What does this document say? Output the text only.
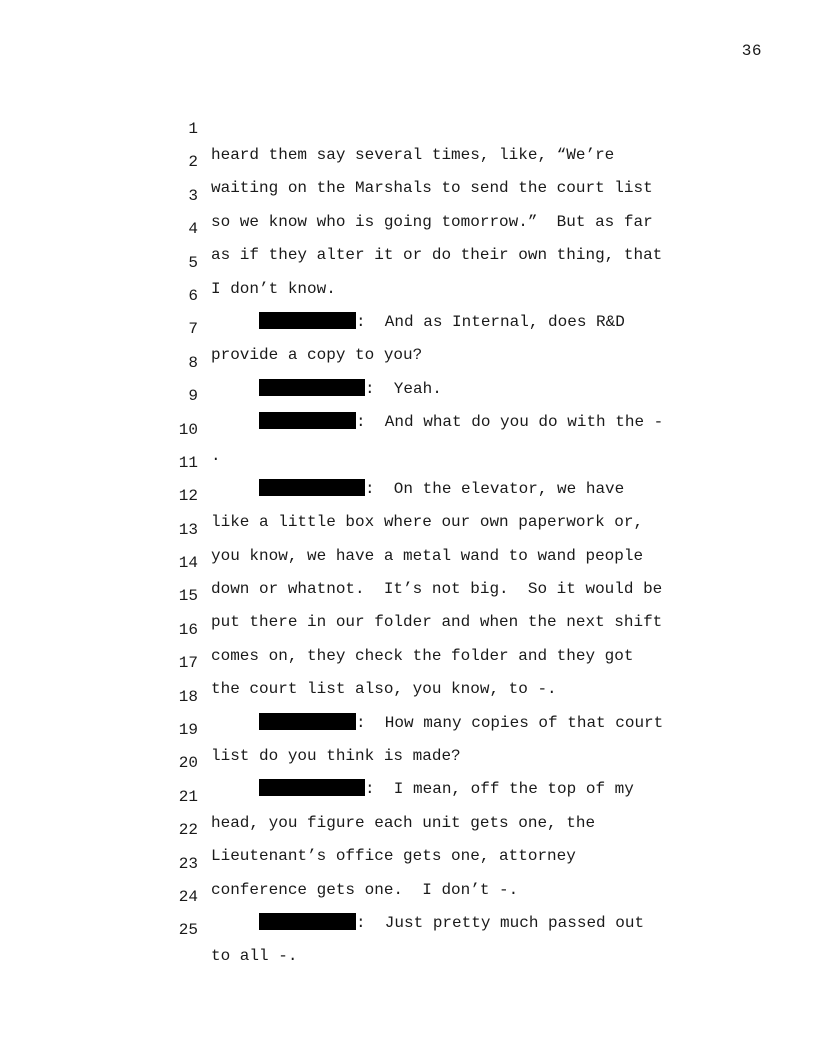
36

1

heard them say several times, like, “We’re

2

waiting on the Marshals to send the court list

3

so we know who is going tomorrow.”  But as far

4

as if they alter it or do their own thing, that

5

I don’t know.

6

:  And as Internal, does R&D

7

provide a copy to you?

8

:  Yeah.

9

:  And what do you do with the -

10

.

11

:  On the elevator, we have

12

like a little box where our own paperwork or,

13

you know, we have a metal wand to wand people

14

down or whatnot.  It’s not big.  So it would be

15

put there in our folder and when the next shift

16

comes on, they check the folder and they got

17

the court list also, you know, to -.

18

:  How many copies of that court

19

list do you think is made?

20

:  I mean, off the top of my

21

head, you figure each unit gets one, the

22

Lieutenant’s office gets one, attorney

23

conference gets one.  I don’t -.

24

:  Just pretty much passed out

25

to all -.
